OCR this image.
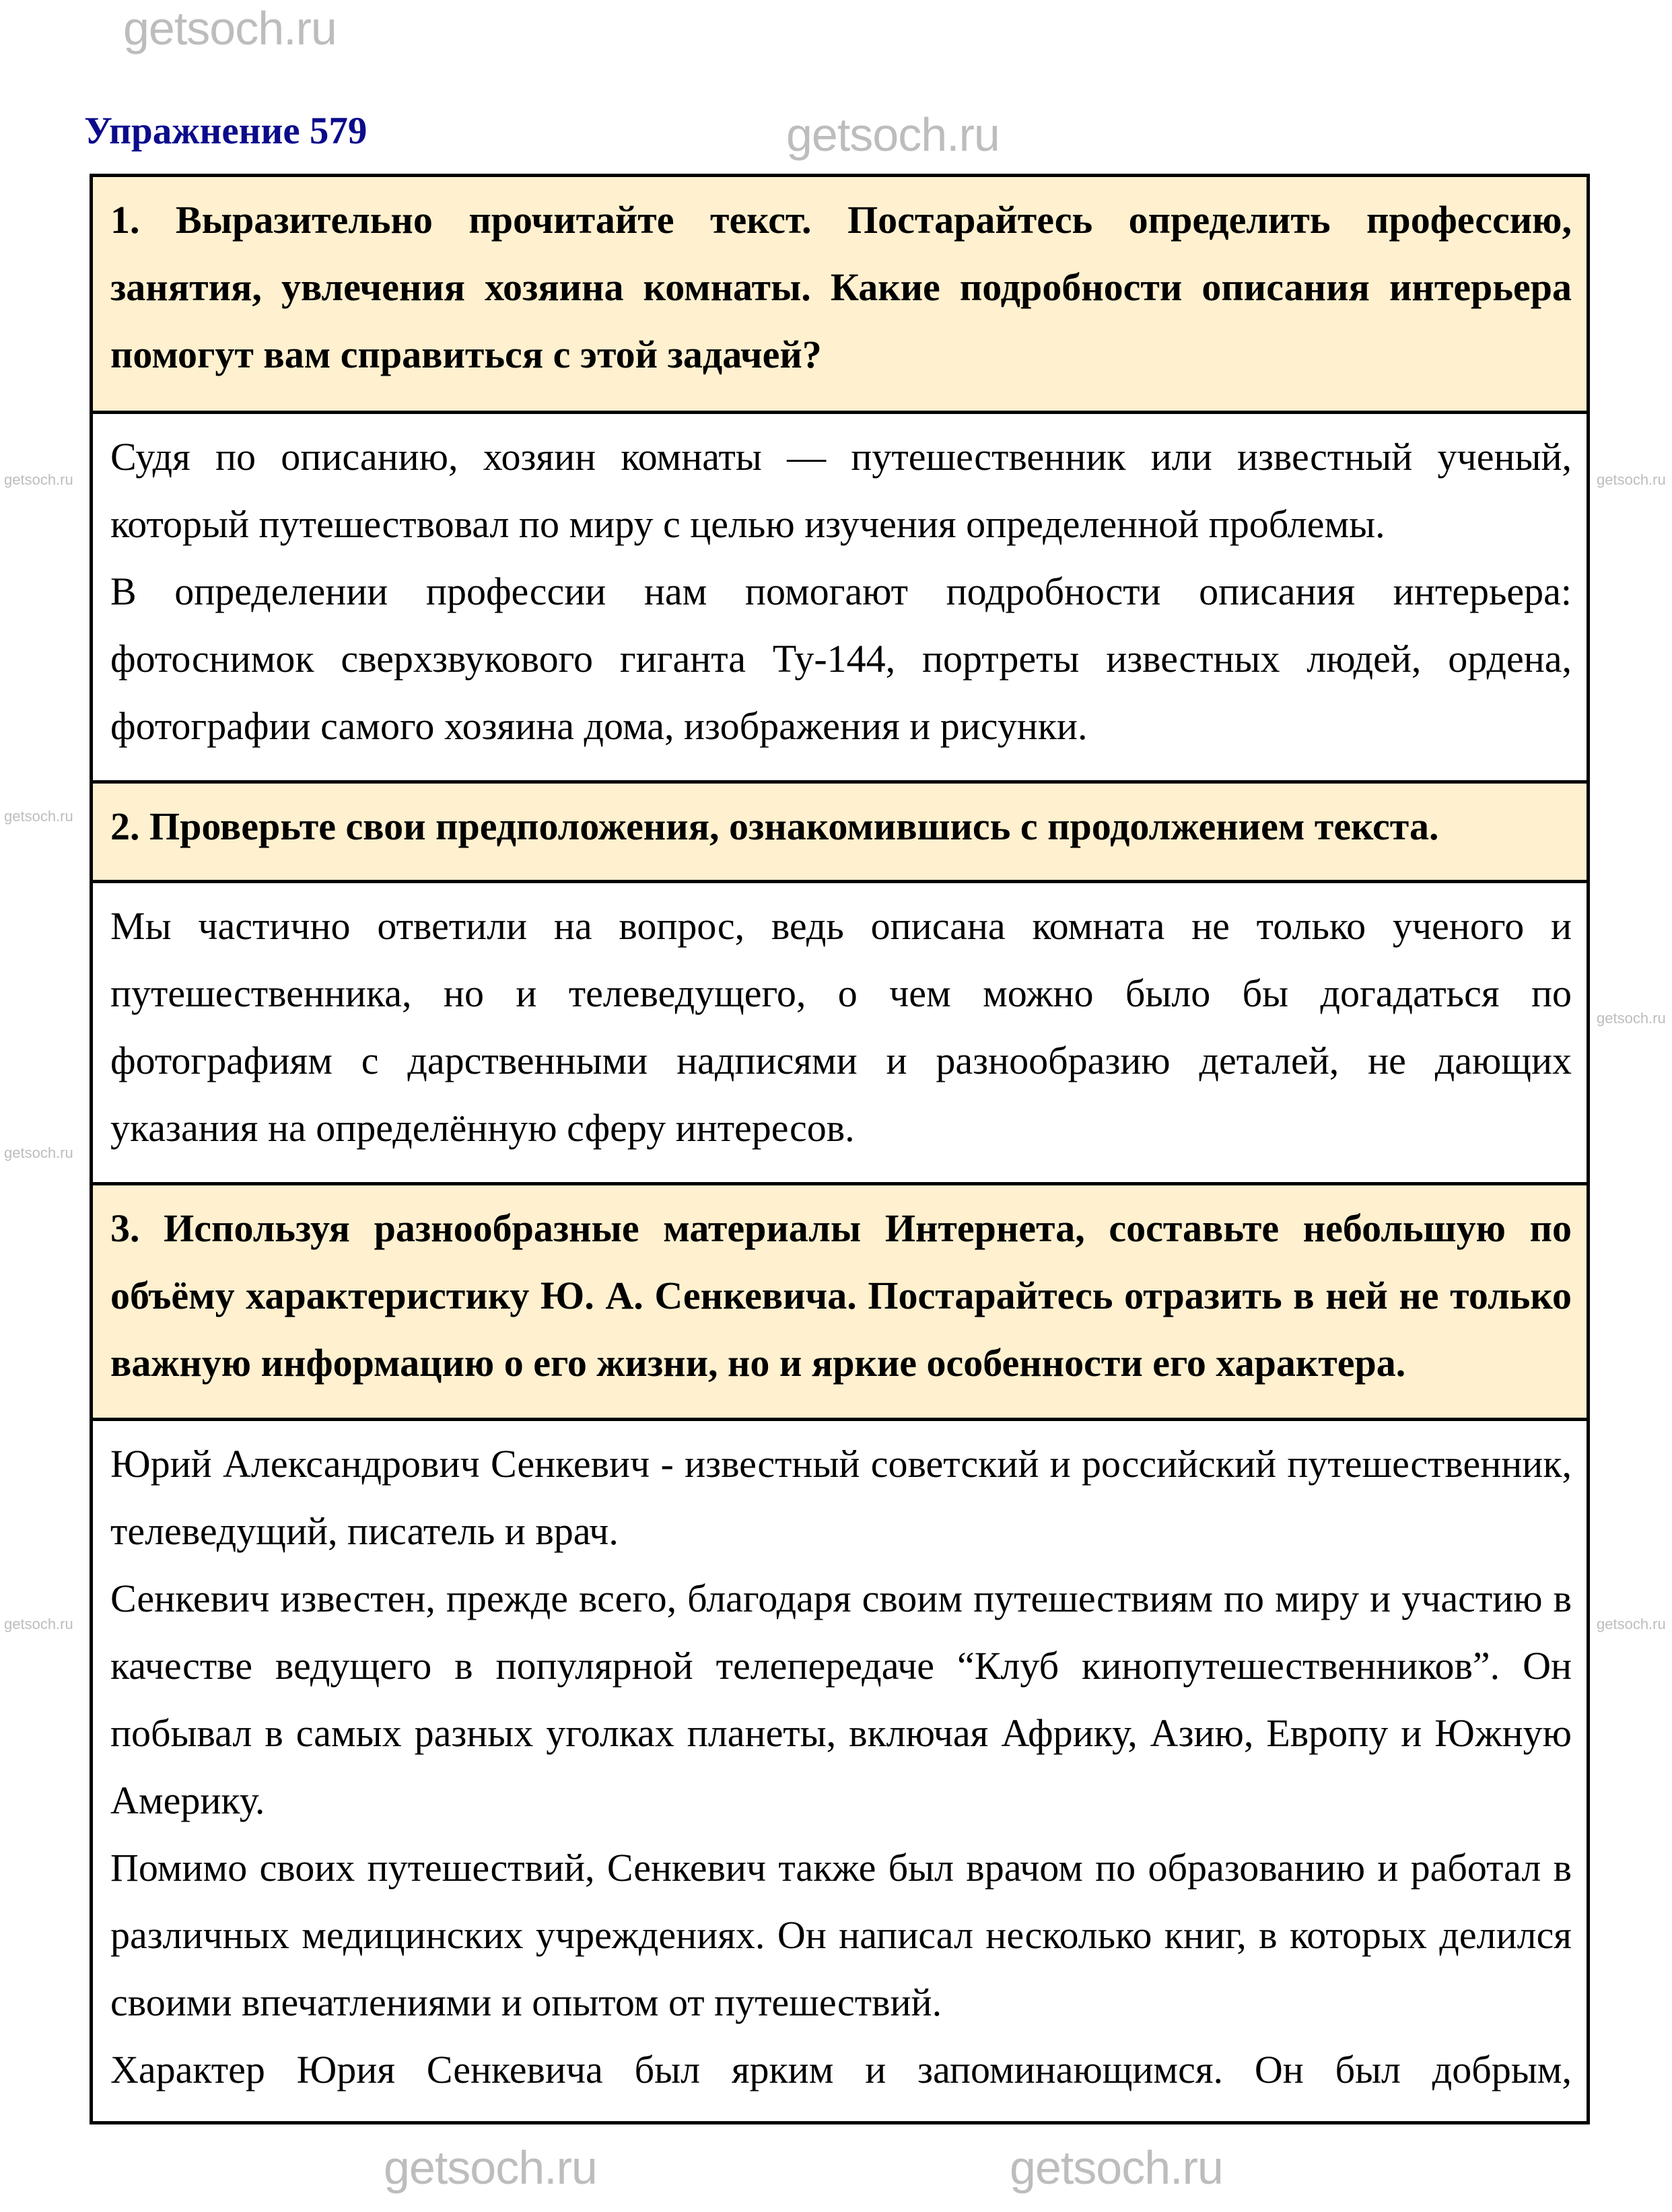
getsoch.ru
Упражнение 579	getsoch.ru

1. Выразительно прочитайте текст. Постарайтесь определить профессию, занятия, увлечения хозяина комнаты. Какие подробности описания интерьера помогут вам справиться с этой задачей?

Судя по описанию, хозяин комнаты — путешественник или известный ученый, который путешествовал по миру с целью изучения определенной проблемы.

В определении профессии нам помогают подробности описания интерьера: фотоснимок сверхзвукового гиганта Ту-144, портреты известных людей, ордена, фотографии самого хозяина дома, изображения и рисунки.

2. Проверьте свои предположения, ознакомившись с продолжением текста.

Мы частично ответили на вопрос, ведь описана комната не только ученого и путешественника, но и телеведущего, о чем можно было бы догадаться по фотографиям с дарственными надписями и разнообразию деталей, не дающих указания на определённую сферу интересов.

3. Используя разнообразные материалы Интернета, составьте небольшую по объёму характеристику Ю. А. Сенкевича. Постарайтесь отразить в ней не только важную информацию о его жизни, но и яркие особенности его характера.

Юрий Александрович Сенкевич - известный советский и российский путешественник, телеведущий, писатель и врач.

Сенкевич известен, прежде всего, благодаря своим путешествиям по миру и участию в качестве ведущего в популярной телепередаче “Клуб кинопутешественников”. Он побывал в самых разных уголках планеты, включая Африку, Азию, Европу и Южную Америку.

Помимо своих путешествий, Сенкевич также был врачом по образованию и работал в различных медицинских учреждениях. Он написал несколько книг, в которых делился своими впечатлениями и опытом от путешествий.

Характер Юрия Сенкевича был ярким и запоминающимся. Он был добрым,

getsoch.ru
getsoch.ru
getsoch.ru
getsoch.ru
getsoch.ru
getsoch.ru
getsoch.ru
getsoch.ru	getsoch.ru
